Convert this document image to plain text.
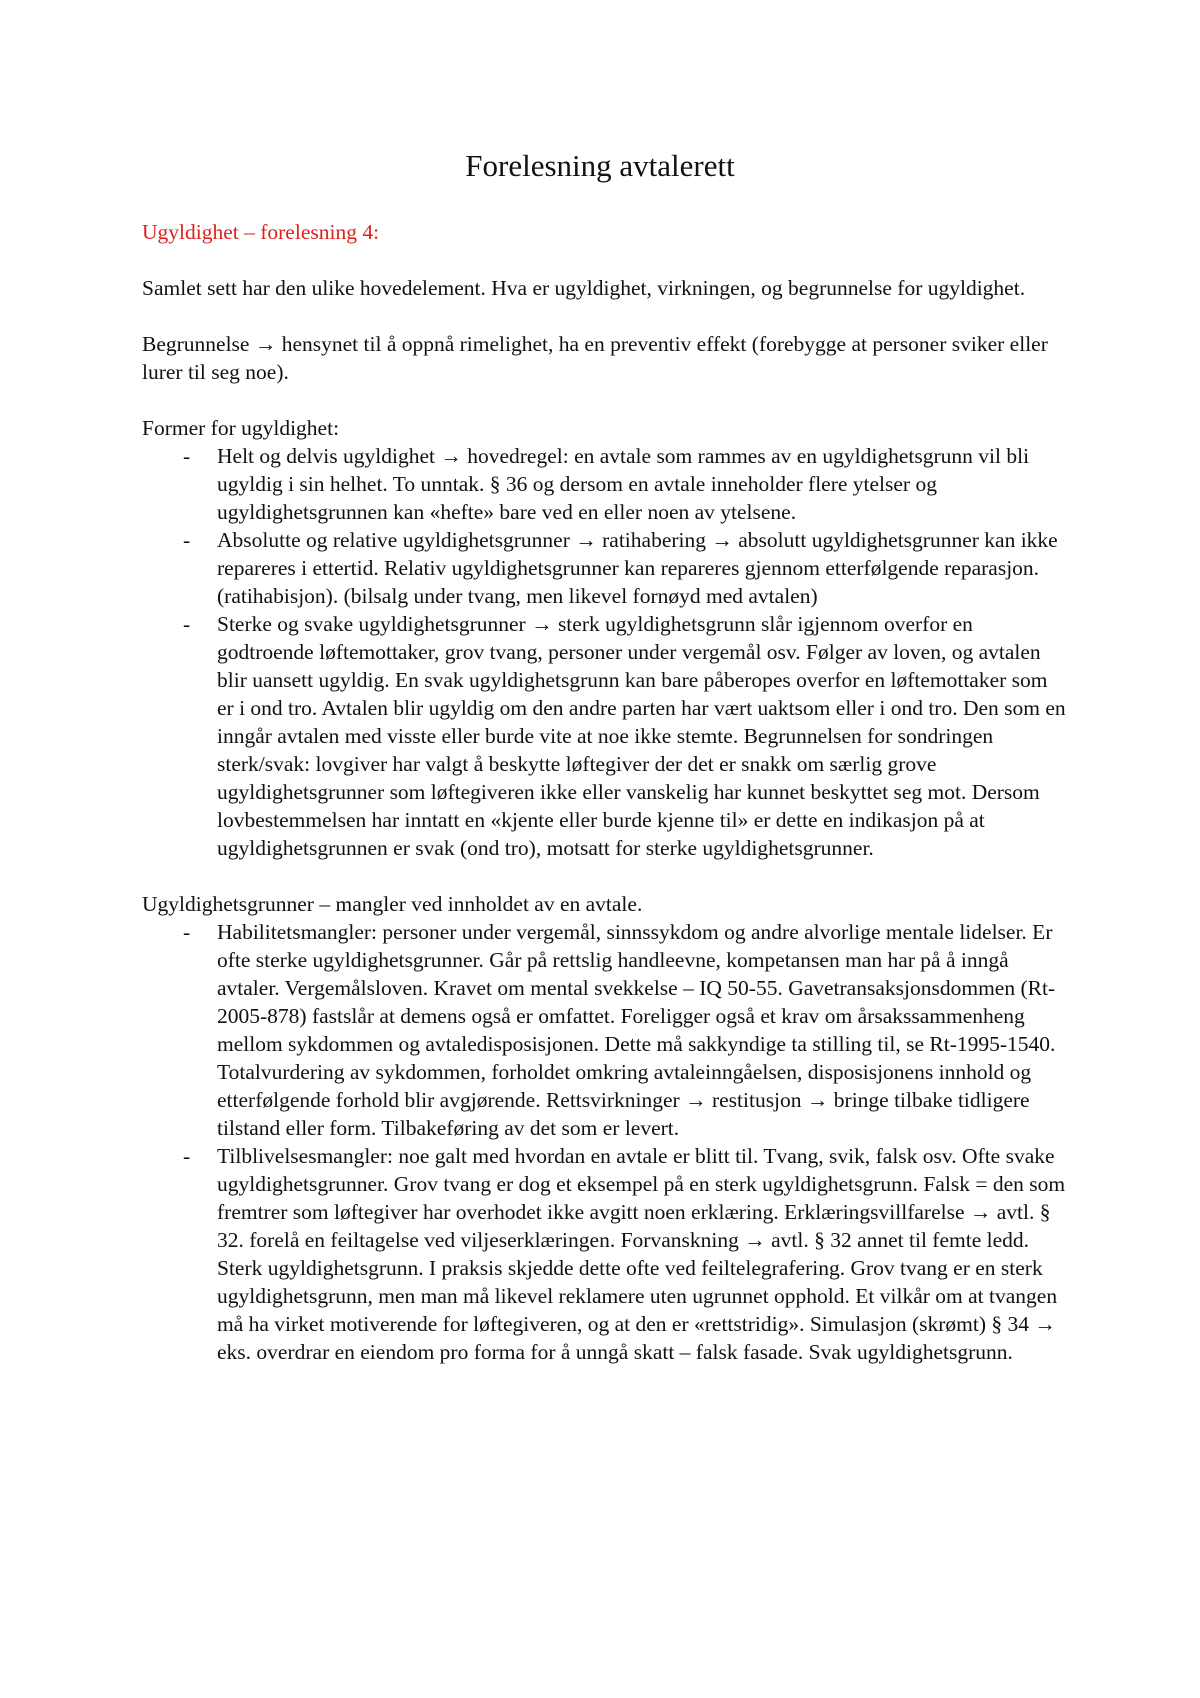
Forelesning avtalerett

Ugyldighet – forelesning 4:

Samlet sett har den ulike hovedelement. Hva er ugyldighet, virkningen, og begrunnelse for ugyldighet.

Begrunnelse → hensynet til å oppnå rimelighet, ha en preventiv effekt (forebygge at personer sviker eller lurer til seg noe).

Former for ugyldighet:

- Helt og delvis ugyldighet → hovedregel: en avtale som rammes av en ugyldighetsgrunn vil bli ugyldig i sin helhet. To unntak. § 36 og dersom en avtale inneholder flere ytelser og ugyldighetsgrunnen kan «hefte» bare ved en eller noen av ytelsene.
- Absolutte og relative ugyldighetsgrunner → ratihabering → absolutt ugyldighetsgrunner kan ikke repareres i ettertid. Relativ ugyldighetsgrunner kan repareres gjennom etterfølgende reparasjon. (ratihabisjon). (bilsalg under tvang, men likevel fornøyd med avtalen)
- Sterke og svake ugyldighetsgrunner → sterk ugyldighetsgrunn slår igjennom overfor en godtroende løftemottaker, grov tvang, personer under vergemål osv. Følger av loven, og avtalen blir uansett ugyldig. En svak ugyldighetsgrunn kan bare påberopes overfor en løftemottaker som er i ond tro. Avtalen blir ugyldig om den andre parten har vært uaktsom eller i ond tro. Den som en inngår avtalen med visste eller burde vite at noe ikke stemte. Begrunnelsen for sondringen sterk/svak: lovgiver har valgt å beskytte løftegiver der det er snakk om særlig grove ugyldighetsgrunner som løftegiveren ikke eller vanskelig har kunnet beskyttet seg mot. Dersom lovbestemmelsen har inntatt en «kjente eller burde kjenne til» er dette en indikasjon på at ugyldighetsgrunnen er svak (ond tro), motsatt for sterke ugyldighetsgrunner.

Ugyldighetsgrunner – mangler ved innholdet av en avtale.

- Habilitetsmangler: personer under vergemål, sinnssykdom og andre alvorlige mentale lidelser. Er ofte sterke ugyldighetsgrunner. Går på rettslig handleevne, kompetansen man har på å inngå avtaler. Vergemålsloven. Kravet om mental svekkelse – IQ 50-55. Gavetransaksjonsdommen (Rt-2005-878) fastslår at demens også er omfattet. Foreligger også et krav om årsakssammenheng mellom sykdommen og avtaledisposisjonen. Dette må sakkyndige ta stilling til, se Rt-1995-1540. Totalvurdering av sykdommen, forholdet omkring avtaleinngåelsen, disposisjonens innhold og etterfølgende forhold blir avgjørende. Rettsvirkninger → restitusjon → bringe tilbake tidligere tilstand eller form. Tilbakeføring av det som er levert.
- Tilblivelsesmangler: noe galt med hvordan en avtale er blitt til. Tvang, svik, falsk osv. Ofte svake ugyldighetsgrunner. Grov tvang er dog et eksempel på en sterk ugyldighetsgrunn. Falsk = den som fremtrer som løftegiver har overhodet ikke avgitt noen erklæring. Erklæringsvillfarelse → avtl. § 32. forelå en feiltagelse ved viljeserklæringen. Forvanskning → avtl. § 32 annet til femte ledd. Sterk ugyldighetsgrunn. I praksis skjedde dette ofte ved feiltelegrafering. Grov tvang er en sterk ugyldighetsgrunn, men man må likevel reklamere uten ugrunnet opphold. Et vilkår om at tvangen må ha virket motiverende for løftegiveren, og at den er «rettstridig». Simulasjon (skrømt) § 34 → eks. overdrar en eiendom pro forma for å unngå skatt – falsk fasade. Svak ugyldighetsgrunn.
